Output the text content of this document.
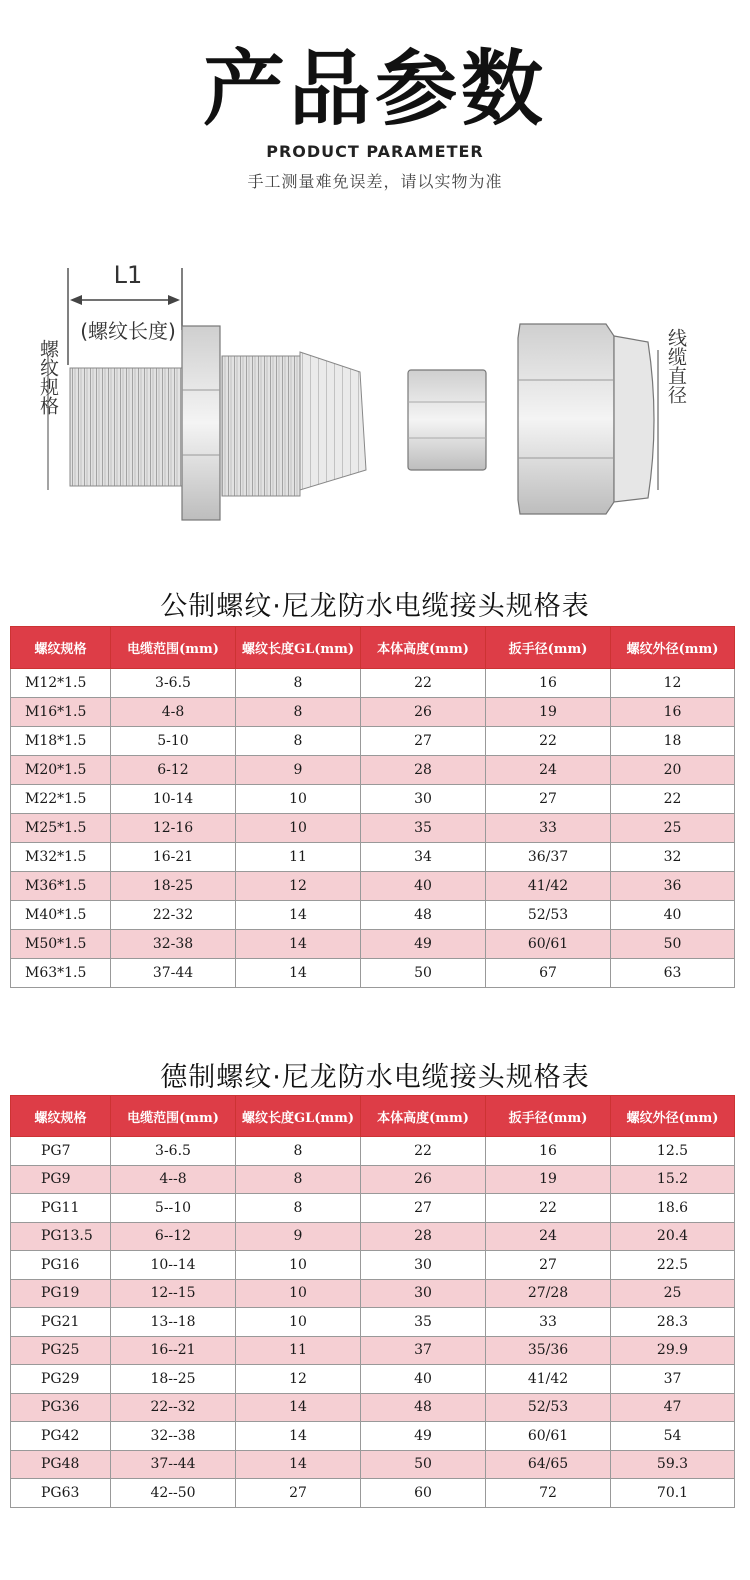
产品参数
PRODUCT PARAMETER
手工测量难免误差，请以实物为准
L1
(螺纹长度)
螺纹规格	线缆直径
公制螺纹·尼龙防水电缆接头规格表
螺纹规格	电缆范围(mm)	螺纹长度GL(mm)	本体高度(mm)	扳手径(mm)	螺纹外径(mm)
M12*1.5	3-6.5	8	22	16	12
M16*1.5	4-8	8	26	19	16
M18*1.5	5-10	8	27	22	18
M20*1.5	6-12	9	28	24	20
M22*1.5	10-14	10	30	27	22
M25*1.5	12-16	10	35	33	25
M32*1.5	16-21	11	34	36/37	32
M36*1.5	18-25	12	40	41/42	36
M40*1.5	22-32	14	48	52/53	40
M50*1.5	32-38	14	49	60/61	50
M63*1.5	37-44	14	50	67	63
德制螺纹·尼龙防水电缆接头规格表
螺纹规格	电缆范围(mm)	螺纹长度GL(mm)	本体高度(mm)	扳手径(mm)	螺纹外径(mm)
PG7	3-6.5	8	22	16	12.5
PG9	4--8	8	26	19	15.2
PG11	5--10	8	27	22	18.6
PG13.5	6--12	9	28	24	20.4
PG16	10--14	10	30	27	22.5
PG19	12--15	10	30	27/28	25
PG21	13--18	10	35	33	28.3
PG25	16--21	11	37	35/36	29.9
PG29	18--25	12	40	41/42	37
PG36	22--32	14	48	52/53	47
PG42	32--38	14	49	60/61	54
PG48	37--44	14	50	64/65	59.3
PG63	42--50	27	60	72	70.1
